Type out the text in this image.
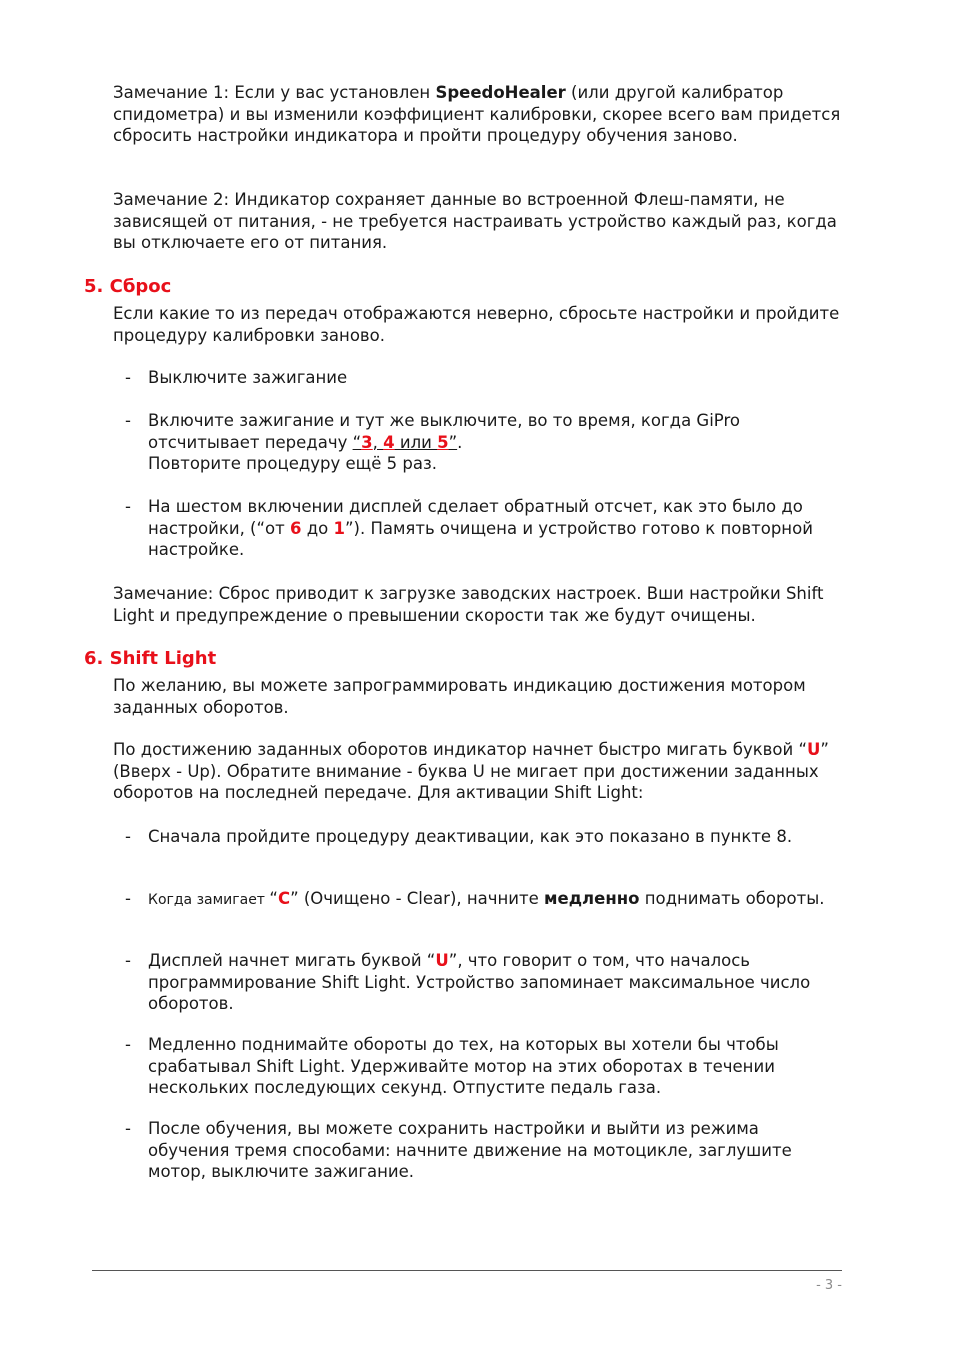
Замечание 1: Если у вас установлен SpeedoHealer (или другой калибратор спидометра) и вы изменили коэффициент калибровки, скорее всего вам придется сбросить настройки индикатора и пройти процедуру обучения заново.

Замечание 2: Индикатор сохраняет данные во встроенной Флеш-памяти, не зависящей от питания, - не требуется настраивать устройство каждый раз, когда вы отключаете его от питания.

5. Сброс

Если какие то из передач отображаются неверно, сбросьте настройки и пройдите процедуру калибровки заново.

- Выключите зажигание
- Включите зажигание и тут же выключите, во то время, когда GiPro отсчитывает передачу “3, 4 или 5”.
Повторите процедуру ещё 5 раз.
- На шестом включении дисплей сделает обратный отсчет, как это было до настройки, (“от 6 до 1”). Память очищена и устройство готово к повторной настройке.

Замечание: Сброс приводит к загрузке заводских настроек. Вши настройки Shift Light и предупреждение о превышении скорости так же будут очищены.

6. Shift Light

По желанию, вы можете запрограммировать индикацию достижения мотором заданных оборотов.

По достижению заданных оборотов индикатор начнет быстро мигать буквой “U” (Вверх - Up). Обратите внимание - буква U не мигает при достижении заданных оборотов на последней передаче. Для активации Shift Light:

- Сначала пройдите процедуру деактивации, как это показано в пункте 8.
- Когда замигает “C” (Очищено - Clear), начните медленно поднимать обороты.
- Дисплей начнет мигать буквой “U”, что говорит о том, что началось программирование Shift Light. Устройство запоминает максимальное число оборотов.
- Медленно поднимайте обороты до тех, на которых вы хотели бы чтобы срабатывал Shift Light. Удерживайте мотор на этих оборотах в течении нескольких последующих секунд. Отпустите педаль газа.
- После обучения, вы можете сохранить настройки и выйти из режима обучения тремя способами: начните движение на мотоцикле, заглушите мотор, выключите зажигание.
- 3 -
